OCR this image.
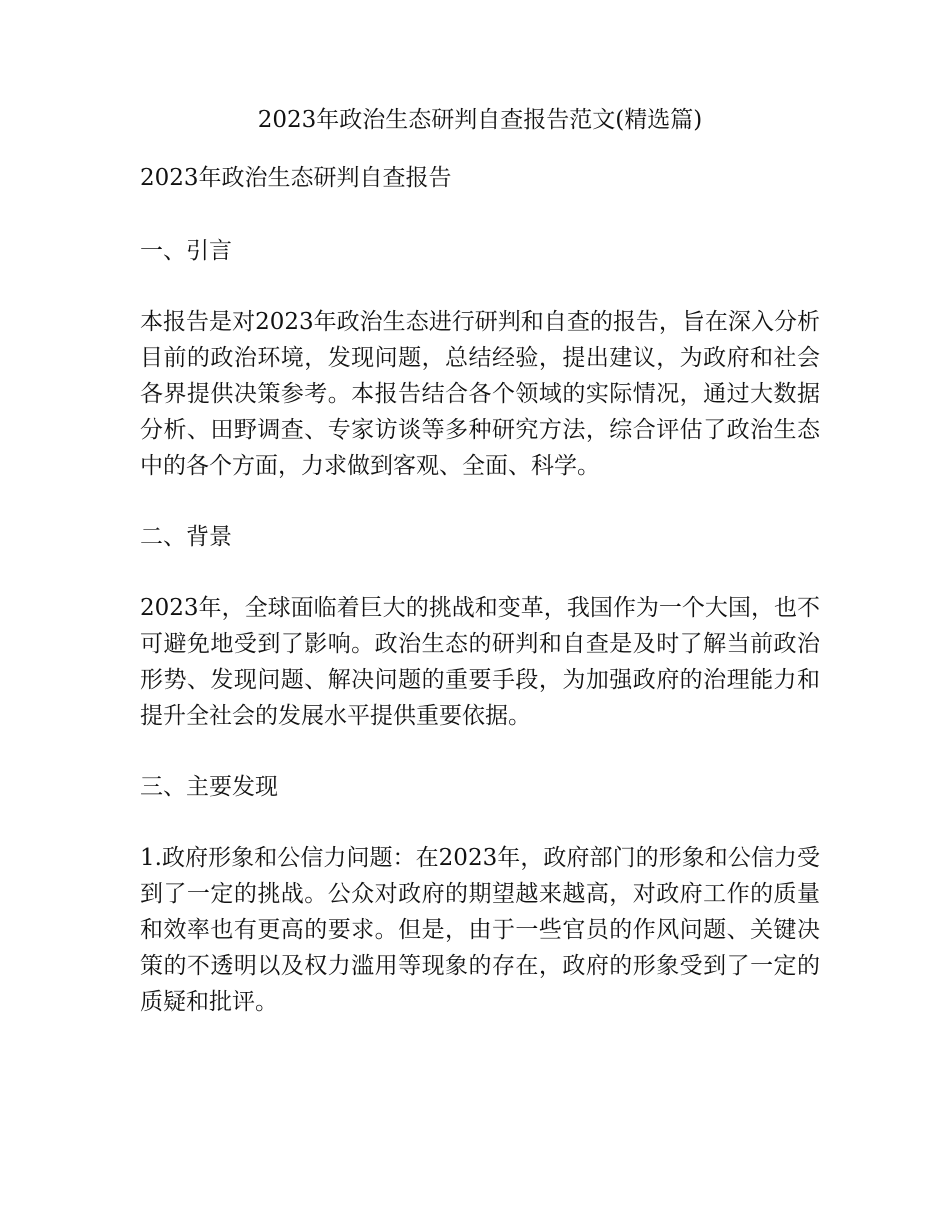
2023年政治生态研判自查报告范文(精选篇)
2023年政治生态研判自查报告
一、引言

本报告是对2023年政治生态进行研判和自查的报告，旨在深入分析目前的政治环境，发现问题，总结经验，提出建议，为政府和社会各界提供决策参考。本报告结合各个领域的实际情况，通过大数据分析、田野调查、专家访谈等多种研究方法，综合评估了政治生态中的各个方面，力求做到客观、全面、科学。

二、背景

2023年，全球面临着巨大的挑战和变革，我国作为一个大国，也不可避免地受到了影响。政治生态的研判和自查是及时了解当前政治形势、发现问题、解决问题的重要手段，为加强政府的治理能力和提升全社会的发展水平提供重要依据。

三、主要发现

1.政府形象和公信力问题：在2023年，政府部门的形象和公信力受到了一定的挑战。公众对政府的期望越来越高，对政府工作的质量和效率也有更高的要求。但是，由于一些官员的作风问题、关键决策的不透明以及权力滥用等现象的存在，政府的形象受到了一定的质疑和批评。
